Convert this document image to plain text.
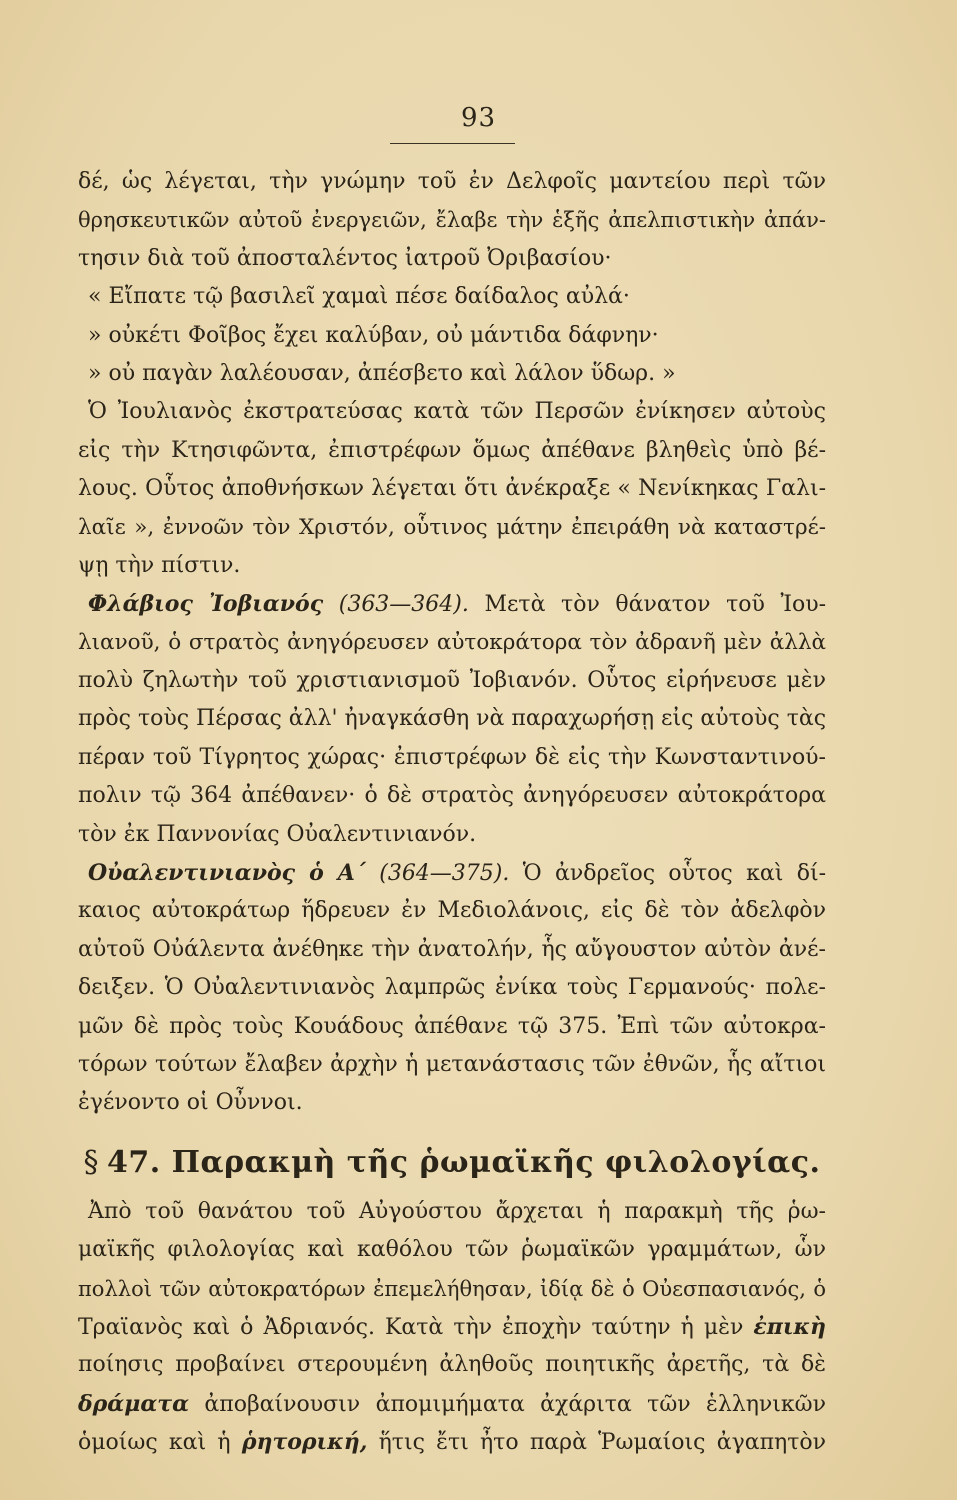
93
δέ, ὡς λέγεται, τὴν γνώμην τοῦ ἐν Δελφοῖς μαντείου περὶ τῶν
θρησκευτικῶν αὐτοῦ ἐνεργειῶν, ἔλαβε τὴν ἑξῆς ἀπελπιστικὴν ἀπάν-
τησιν διὰ τοῦ ἀποσταλέντος ἰατροῦ Ὀριβασίου·
« Εἴπατε τῷ βασιλεῖ χαμαὶ πέσε δαίδαλος αὐλά·
» οὐκέτι Φοῖβος ἔχει καλύβαν, οὐ μάντιδα δάφνην·
» οὐ παγὰν λαλέουσαν, ἀπέσβετο καὶ λάλον ὕδωρ. »
Ὁ Ἰουλιανὸς ἐκστρατεύσας κατὰ τῶν Περσῶν ἐνίκησεν αὐτοὺς
εἰς τὴν Κτησιφῶντα, ἐπιστρέφων ὅμως ἀπέθανε βληθεὶς ὑπὸ βέ-
λους. Οὗτος ἀποθνήσκων λέγεται ὅτι ἀνέκραξε « Νενίκηκας Γαλι-
λαῖε », ἐννοῶν τὸν Χριστόν, οὗτινος μάτην ἐπειράθη νὰ καταστρέ-
ψῃ τὴν πίστιν.
Φλάβιος Ἰοβιανός (363—364). Μετὰ τὸν θάνατον τοῦ Ἰου-
λιανοῦ, ὁ στρατὸς ἀνηγόρευσεν αὐτοκράτορα τὸν ἀδρανῆ μὲν ἀλλὰ
πολὺ ζηλωτὴν τοῦ χριστιανισμοῦ Ἰοβιανόν. Οὗτος εἰρήνευσε μὲν
πρὸς τοὺς Πέρσας ἀλλ' ἠναγκάσθη νὰ παραχωρήσῃ εἰς αὐτοὺς τὰς
πέραν τοῦ Τίγρητος χώρας· ἐπιστρέφων δὲ εἰς τὴν Κωνσταντινού-
πολιν τῷ 364 ἀπέθανεν· ὁ δὲ στρατὸς ἀνηγόρευσεν αὐτοκράτορα
τὸν ἐκ Παννονίας Οὐαλεντινιανόν.
Οὐαλεντινιανὸς ὁ Α´ (364—375). Ὁ ἀνδρεῖος οὗτος καὶ δί-
καιος αὐτοκράτωρ ἥδρευεν ἐν Μεδιολάνοις, εἰς δὲ τὸν ἀδελφὸν
αὐτοῦ Οὐάλεντα ἀνέθηκε τὴν ἀνατολήν, ἧς αὔγουστον αὐτὸν ἀνέ-
δειξεν. Ὁ Οὐαλεντινιανὸς λαμπρῶς ἐνίκα τοὺς Γερμανούς· πολε-
μῶν δὲ πρὸς τοὺς Κουάδους ἀπέθανε τῷ 375. Ἐπὶ τῶν αὐτοκρα-
τόρων τούτων ἔλαβεν ἀρχὴν ἡ μετανάστασις τῶν ἐθνῶν, ἧς αἴτιοι
ἐγένοντο οἱ Οὖννοι.
§ 47. Παρακμὴ τῆς ῥωμαϊκῆς φιλολογίας.
Ἀπὸ τοῦ θανάτου τοῦ Αὐγούστου ἄρχεται ἡ παρακμὴ τῆς ῥω-
μαϊκῆς φιλολογίας καὶ καθόλου τῶν ῥωμαϊκῶν γραμμάτων, ὧν
πολλοὶ τῶν αὐτοκρατόρων ἐπεμελήθησαν, ἰδίᾳ δὲ ὁ Οὐεσπασιανός, ὁ
Τραϊανὸς καὶ ὁ Ἀδριανός. Κατὰ τὴν ἐποχὴν ταύτην ἡ μὲν ἐπικὴ
ποίησις προβαίνει στερουμένη ἀληθοῦς ποιητικῆς ἀρετῆς, τὰ δὲ
δράματα ἀποβαίνουσιν ἀπομιμήματα ἀχάριτα τῶν ἑλληνικῶν
ὁμοίως καὶ ἡ ῥητορική, ἥτις ἔτι ἦτο παρὰ Ῥωμαίοις ἀγαπητὸν
